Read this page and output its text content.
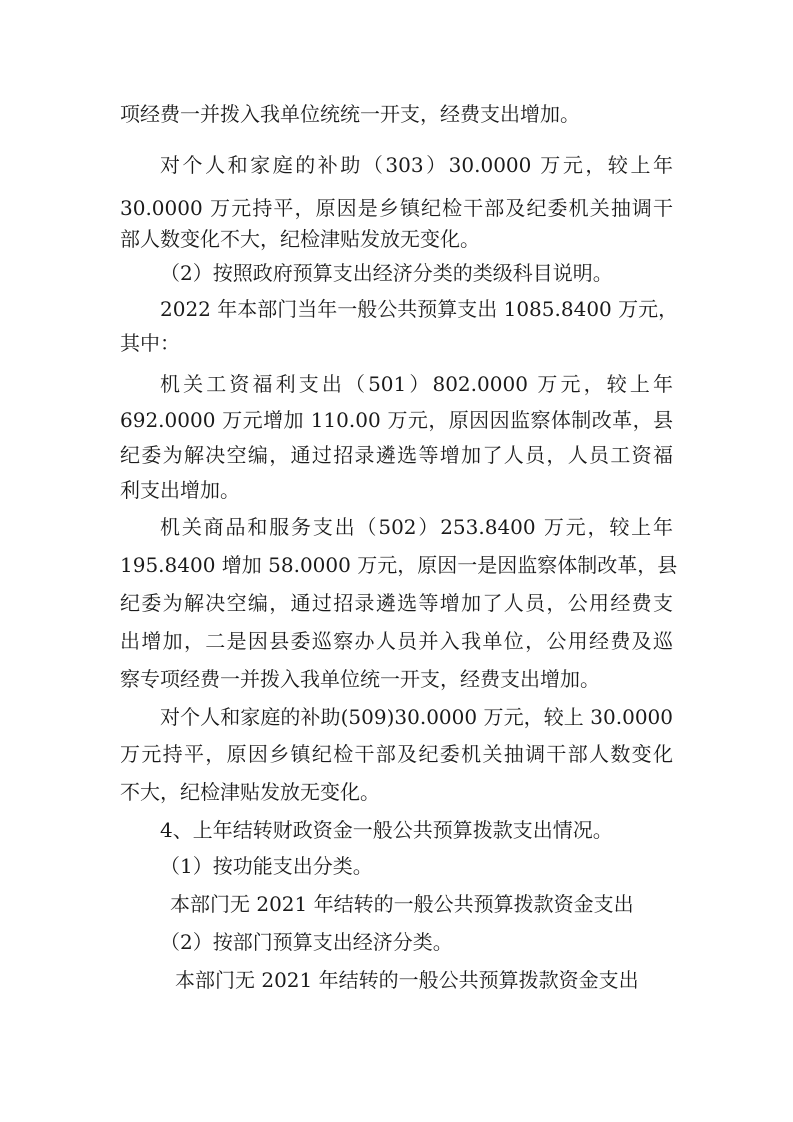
项经费一并拨入我单位统统一开支，经费支出增加。

对个人和家庭的补助（303）30.0000 万元，较上年

30.0000 万元持平，原因是乡镇纪检干部及纪委机关抽调干

部人数变化不大，纪检津贴发放无变化。

（2）按照政府预算支出经济分类的类级科目说明。

2022 年本部门当年一般公共预算支出 1085.8400 万元，

其中：

机关工资福利支出（501）802.0000 万元，较上年

692.0000 万元增加 110.00 万元，原因因监察体制改革，县

纪委为解决空编，通过招录遴选等增加了人员，人员工资福

利支出增加。

机关商品和服务支出（502）253.8400 万元，较上年

195.8400 增加 58.0000 万元，原因一是因监察体制改革，县

纪委为解决空编，通过招录遴选等增加了人员，公用经费支

出增加，二是因县委巡察办人员并入我单位，公用经费及巡

察专项经费一并拨入我单位统一开支，经费支出增加。

对个人和家庭的补助(509)30.0000 万元，较上 30.0000

万元持平，原因乡镇纪检干部及纪委机关抽调干部人数变化

不大，纪检津贴发放无变化。

4、上年结转财政资金一般公共预算拨款支出情况。

（1）按功能支出分类。

本部门无 2021 年结转的一般公共预算拨款资金支出

（2）按部门预算支出经济分类。

本部门无 2021 年结转的一般公共预算拨款资金支出
